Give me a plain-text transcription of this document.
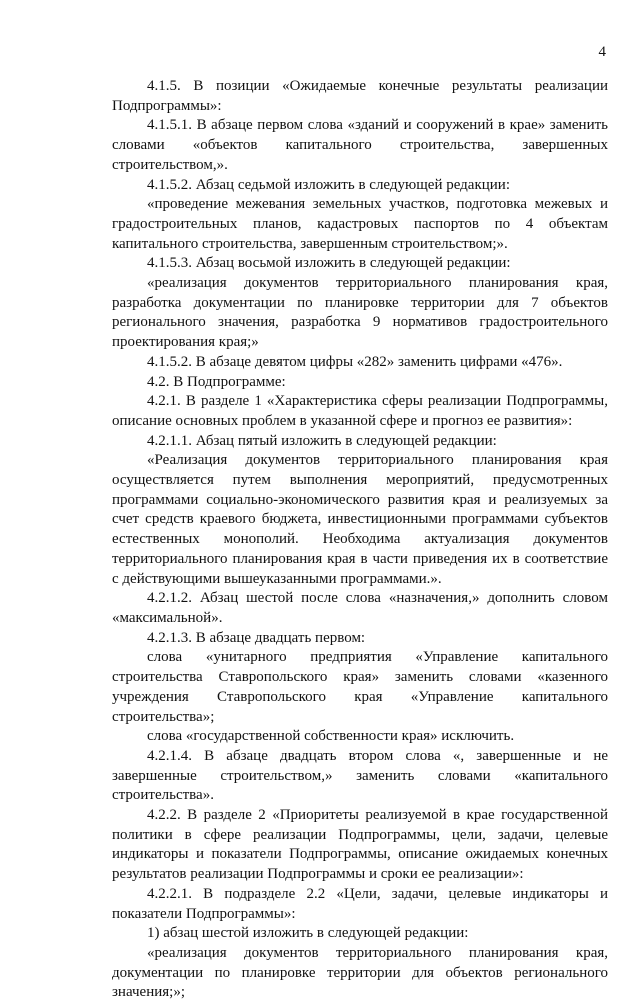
4

4.1.5. В позиции «Ожидаемые конечные результаты реализации Подпрограммы»:

4.1.5.1. В абзаце первом слова «зданий и сооружений в крае» заменить словами «объектов капитального строительства, завершенных строительством,».

4.1.5.2. Абзац седьмой изложить в следующей редакции:

«проведение межевания земельных участков, подготовка межевых и градостроительных планов, кадастровых паспортов по 4 объектам капитального строительства, завершенным строительством;».

4.1.5.3. Абзац восьмой изложить в следующей редакции:

«реализация документов территориального планирования края, разработка документации по планировке территории для 7 объектов регионального значения, разработка 9 нормативов градостроительного проектирования края;»

4.1.5.2. В абзаце девятом цифры «282» заменить цифрами «476».

4.2. В Подпрограмме:

4.2.1. В разделе 1 «Характеристика сферы реализации Подпрограммы, описание основных проблем в указанной сфере и прогноз ее развития»:

4.2.1.1. Абзац пятый изложить в следующей редакции:

«Реализация документов территориального планирования края осуществляется путем выполнения мероприятий, предусмотренных программами социально-экономического развития края и реализуемых за счет средств краевого бюджета, инвестиционными программами субъектов естественных монополий. Необходима актуализация документов территориального планирования края в части приведения их в соответствие с действующими вышеуказанными программами.».

4.2.1.2. Абзац шестой после слова «назначения,» дополнить словом «максимальной».

4.2.1.3. В абзаце двадцать первом:

слова «унитарного предприятия «Управление капитального строительства Ставропольского края» заменить словами «казенного учреждения Ставропольского края «Управление капитального строительства»;

слова «государственной собственности края» исключить.

4.2.1.4. В абзаце двадцать втором слова «, завершенные и не завершенные строительством,» заменить словами «капитального строительства».

4.2.2. В разделе 2 «Приоритеты реализуемой в крае государственной политики в сфере реализации Подпрограммы, цели, задачи, целевые индикаторы и показатели Подпрограммы, описание ожидаемых конечных результатов реализации Подпрограммы и сроки ее реализации»:

4.2.2.1. В подразделе 2.2 «Цели, задачи, целевые индикаторы и показатели Подпрограммы»:

1) абзац шестой изложить в следующей редакции:

«реализация документов территориального планирования края, документации по планировке территории для объектов регионального значения;»;
